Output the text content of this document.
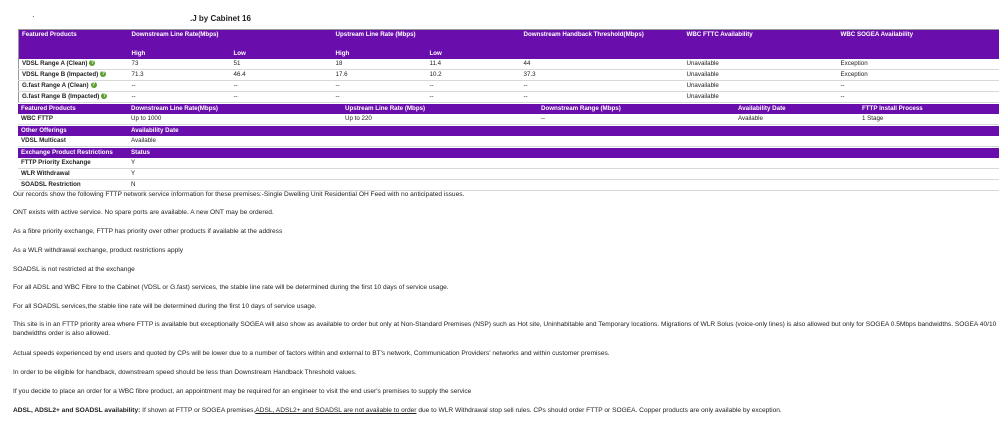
·	.J by Cabinet 16
Featured Products	Downstream Line Rate(Mbps)		Upstream Line Rate (Mbps)		Downstream Handback Threshold(Mbps)	WBC FTTC Availability	WBC SOGEA Availability
	High	Low	High	Low			
VDSL Range A (Clean) ?	73	51	18	11.4	44	Unavailable	Exception
VDSL Range B (Impacted) ?	71.3	46.4	17.6	10.2	37.3	Unavailable	Exception
G.fast Range A (Clean) ?	--	--	--	--	--	Unavailable	--
G.fast Range B (Impacted) ?	--	--	--	--	--	Unavailable	--
Featured Products	Downstream Line Rate(Mbps)	Upstream Line Rate (Mbps)	Downstream Range (Mbps)	Availability Date	FTTP Install Process
WBC FTTP	Up to 1000	Up to 220	--	Available	1 Stage
Other Offerings	Availability Date
VDSL Multicast	Available
Exchange Product Restrictions	Status
FTTP Priority Exchange	Y
WLR Withdrawal	Y
SOADSL Restriction	N
Our records show the following FTTP network service information for these premises:-Single Dwelling Unit Residential OH Feed with no anticipated issues.
ONT exists with active service. No spare ports are available. A new ONT may be ordered.
As a fibre priority exchange, FTTP has priority over other products if available at the address
As a WLR withdrawal exchange, product restrictions apply
SOADSL is not restricted at the exchange
For all ADSL and WBC Fibre to the Cabinet (VDSL or G.fast) services, the stable line rate will be determined during the first 10 days of service usage.
For all SOADSL services,the stable line rate will be determined during the first 10 days of service usage.
This site is in an FTTP priority area where FTTP is available but exceptionally SOGEA will also show as available to order but only at Non-Standard Premises (NSP) such as Hot site, Uninhabitable and Temporary locations. Migrations of WLR Solus (voice-only lines) is also allowed but only for SOGEA 0.5Mbps bandwidths. SOGEA 40/10 bandwidths order is also allowed.
Actual speeds experienced by end users and quoted by CPs will be lower due to a number of factors within and external to BT's network, Communication Providers' networks and within customer premises.
In order to be eligible for handback, downstream speed should be less than Downstream Handback Threshold values.
If you decide to place an order for a WBC fibre product, an appointment may be required for an engineer to visit the end user's premises to supply the service
ADSL, ADSL2+ and SOADSL availability: If shown at FTTP or SOGEA premises,ADSL, ADSL2+ and SOADSL are not available to order due to WLR Withdrawal stop sell rules. CPs should order FTTP or SOGEA. Copper products are only available by exception.
